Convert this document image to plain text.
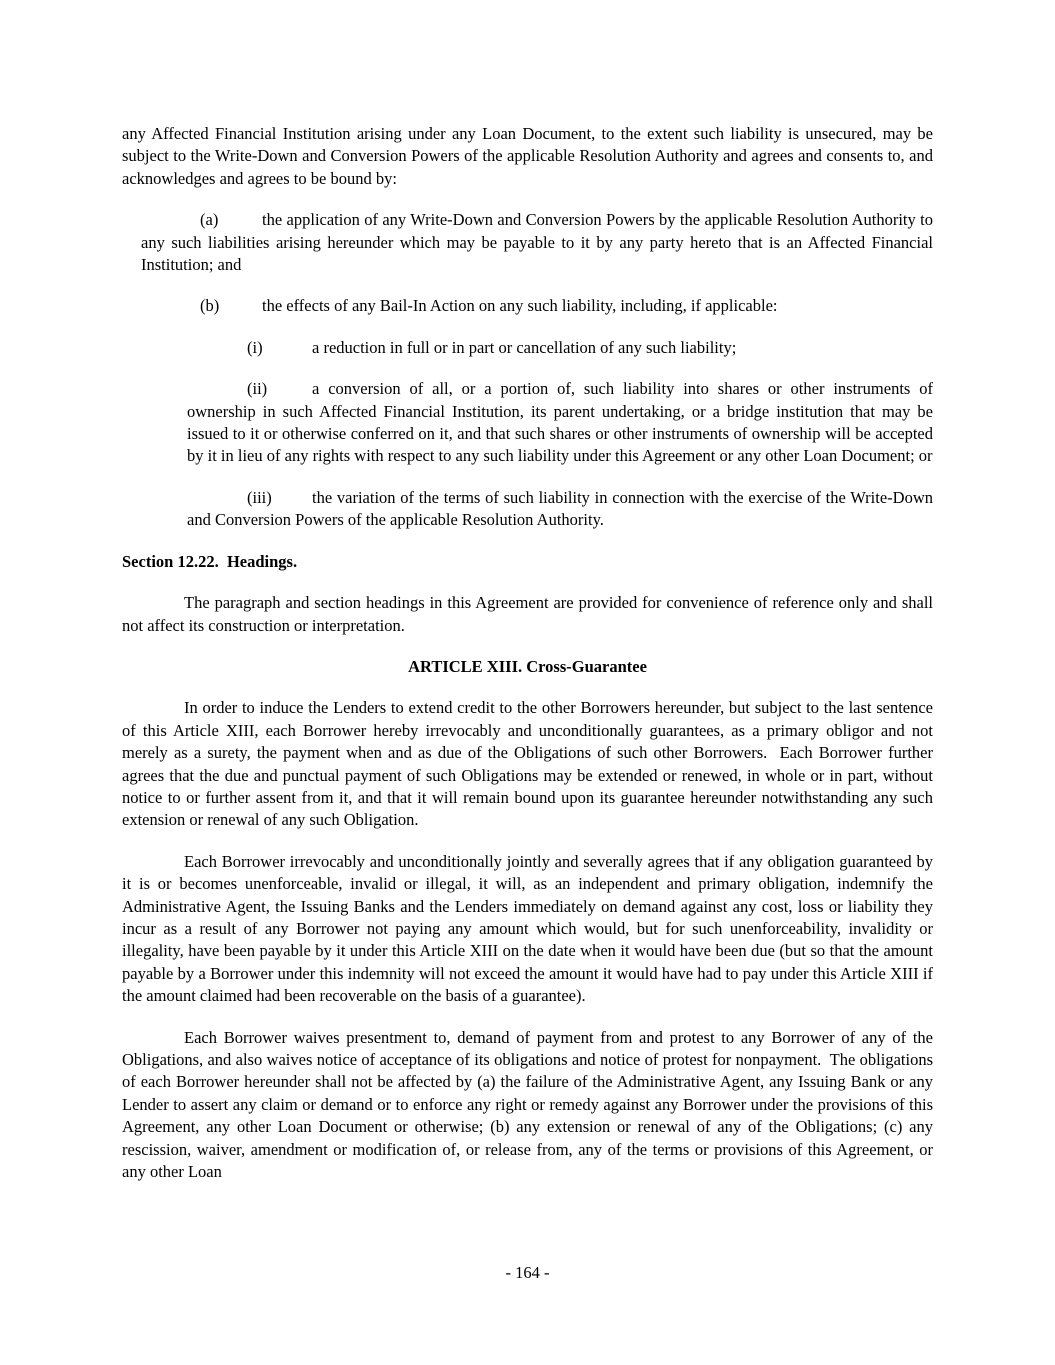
any Affected Financial Institution arising under any Loan Document, to the extent such liability is unsecured, may be subject to the Write-Down and Conversion Powers of the applicable Resolution Authority and agrees and consents to, and acknowledges and agrees to be bound by:

(a)	the application of any Write-Down and Conversion Powers by the applicable Resolution Authority to any such liabilities arising hereunder which may be payable to it by any party hereto that is an Affected Financial Institution; and

(b)	the effects of any Bail-In Action on any such liability, including, if applicable:

(i)	a reduction in full or in part or cancellation of any such liability;

(ii)	a conversion of all, or a portion of, such liability into shares or other instruments of ownership in such Affected Financial Institution, its parent undertaking, or a bridge institution that may be issued to it or otherwise conferred on it, and that such shares or other instruments of ownership will be accepted by it in lieu of any rights with respect to any such liability under this Agreement or any other Loan Document; or

(iii) the variation of the terms of such liability in connection with the exercise of the Write-Down and Conversion Powers of the applicable Resolution Authority.

Section 12.22.  Headings.

The paragraph and section headings in this Agreement are provided for convenience of reference only and shall not affect its construction or interpretation.

ARTICLE XIII. Cross-Guarantee

In order to induce the Lenders to extend credit to the other Borrowers hereunder, but subject to the last sentence of this Article XIII, each Borrower hereby irrevocably and unconditionally guarantees, as a primary obligor and not merely as a surety, the payment when and as due of the Obligations of such other Borrowers.  Each Borrower further agrees that the due and punctual payment of such Obligations may be extended or renewed, in whole or in part, without notice to or further assent from it, and that it will remain bound upon its guarantee hereunder notwithstanding any such extension or renewal of any such Obligation.

Each Borrower irrevocably and unconditionally jointly and severally agrees that if any obligation guaranteed by it is or becomes unenforceable, invalid or illegal, it will, as an independent and primary obligation, indemnify the Administrative Agent, the Issuing Banks and the Lenders immediately on demand against any cost, loss or liability they incur as a result of any Borrower not paying any amount which would, but for such unenforceability, invalidity or illegality, have been payable by it under this Article XIII on the date when it would have been due (but so that the amount payable by a Borrower under this indemnity will not exceed the amount it would have had to pay under this Article XIII if the amount claimed had been recoverable on the basis of a guarantee).

Each Borrower waives presentment to, demand of payment from and protest to any Borrower of any of the Obligations, and also waives notice of acceptance of its obligations and notice of protest for nonpayment.  The obligations of each Borrower hereunder shall not be affected by (a) the failure of the Administrative Agent, any Issuing Bank or any Lender to assert any claim or demand or to enforce any right or remedy against any Borrower under the provisions of this Agreement, any other Loan Document or otherwise; (b) any extension or renewal of any of the Obligations; (c) any rescission, waiver, amendment or modification of, or release from, any of the terms or provisions of this Agreement, or any other Loan

- 164 -
